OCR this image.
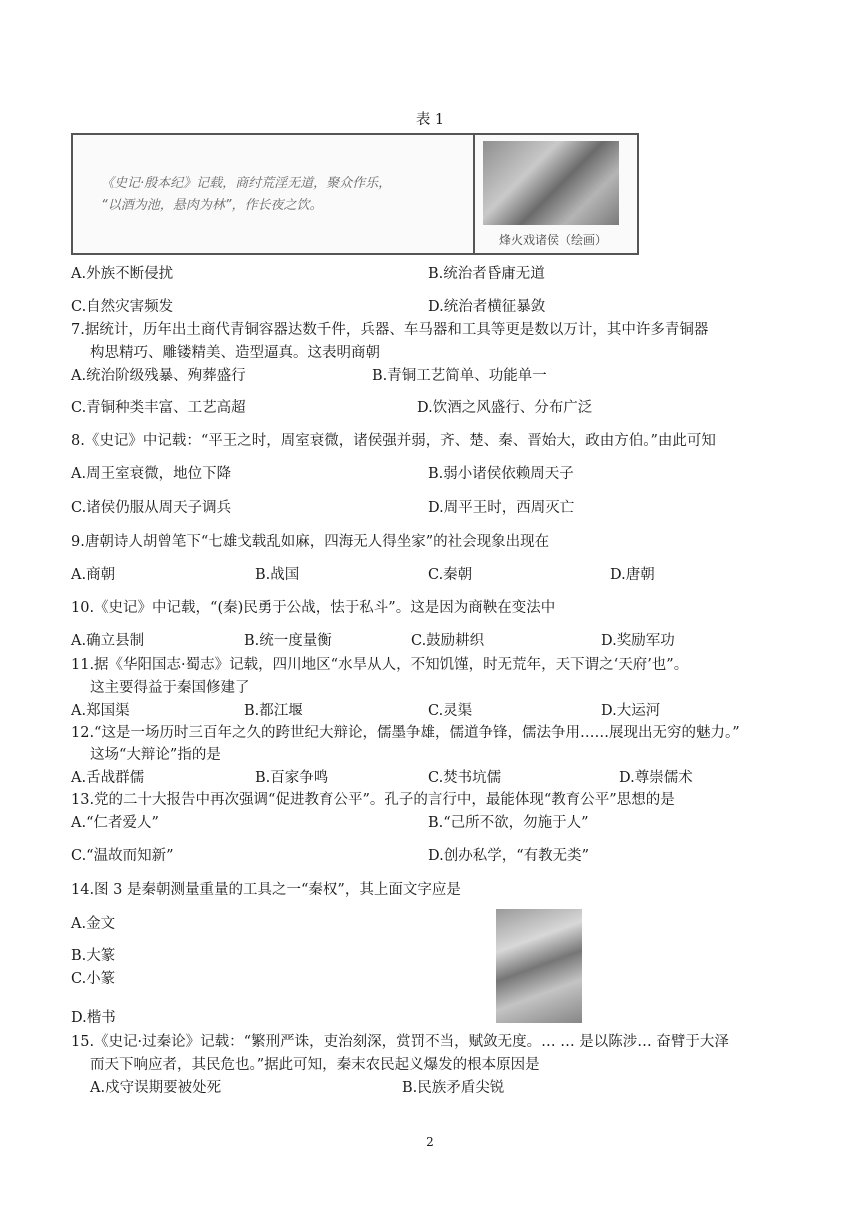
表 1
《史记·殷本纪》记载，商纣荒淫无道，聚众作乐，
“以酒为池，悬肉为林”，作长夜之饮。
烽火戏诸侯（绘画）
A.外族不断侵扰	B.统治者昏庸无道
C.自然灾害频发	D.统治者横征暴敛
7.据统计，历年出土商代青铜容器达数千件，兵器、车马器和工具等更是数以万计，其中许多青铜器
构思精巧、雕镂精美、造型逼真。这表明商朝
A.统治阶级残暴、殉葬盛行	B.青铜工艺简单、功能单一
C.青铜种类丰富、工艺高超	D.饮酒之风盛行、分布广泛
8.《史记》中记载：“平王之时，周室衰微，诸侯强并弱，齐、楚、秦、晋始大，政由方伯。”由此可知
A.周王室衰微，地位下降	B.弱小诸侯依赖周天子
C.诸侯仍服从周天子调兵	D.周平王时，西周灭亡
9.唐朝诗人胡曾笔下“七雄戈载乱如麻，四海无人得坐家”的社会现象出现在
A.商朝	B.战国	C.秦朝	D.唐朝
10.《史记》中记载，“(秦)民勇于公战，怯于私斗”。这是因为商鞅在变法中
A.确立县制	B.统一度量衡	C.鼓励耕织	D.奖励军功
11.据《华阳国志·蜀志》记载，四川地区“水旱从人，不知饥馑，时无荒年，天下谓之‘天府’也”。
这主要得益于秦国修建了
A.郑国渠	B.都江堰	C.灵渠	D.大运河
12.“这是一场历时三百年之久的跨世纪大辩论，儒墨争雄，儒道争锋，儒法争用……展现出无穷的魅力。”
这场“大辩论”指的是
A.舌战群儒	B.百家争鸣	C.焚书坑儒	D.尊崇儒术
13.党的二十大报告中再次强调“促进教育公平”。孔子的言行中，最能体现“教育公平”思想的是
A.“仁者爱人”	B.“己所不欲，勿施于人”
C.“温故而知新”	D.创办私学，“有教无类”
14.图 3 是秦朝测量重量的工具之一“秦权”，其上面文字应是
A.金文
B.大篆
C.小篆
D.楷书
15.《史记·过秦论》记载：“繁刑严诛，吏治刻深，赏罚不当，赋敛无度。… … 是以陈涉… 奋臂于大泽
而天下响应者，其民危也。”据此可知，秦末农民起义爆发的根本原因是
A.戍守误期要被处死	B.民族矛盾尖锐
2
